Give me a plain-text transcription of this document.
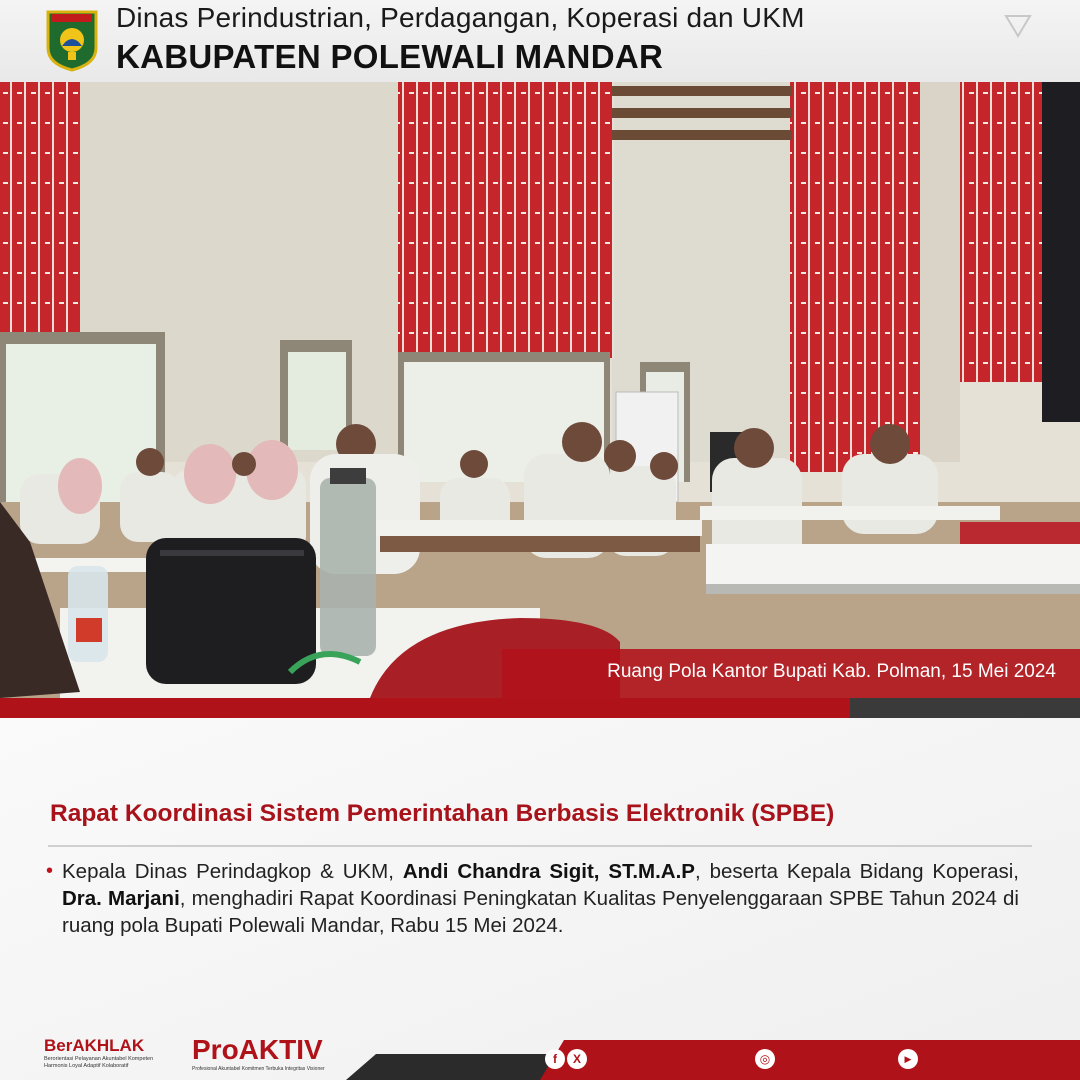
Dinas Perindustrian, Perdagangan, Koperasi dan UKM
KABUPATEN POLEWALI MANDAR
Ruang Pola Kantor Bupati Kab. Polman, 15 Mei 2024
Rapat Koordinasi Sistem Pemerintahan Berbasis Elektronik (SPBE)
• Kepala Dinas Perindagkop & UKM, Andi Chandra Sigit, ST.M.A.P, beserta Kepala Bidang Koperasi, Dra. Marjani, menghadiri Rapat Koordinasi Peningkatan Kualitas Penyelenggaraan SPBE Tahun 2024 di ruang pola Bupati Polewali Mandar, Rabu 15 Mei 2024.
BerAKHLAK
Berorientasi Pelayanan Akuntabel Kompeten
Harmonis Loyal Adaptif Kolaboratif
ProAKTIV
Profesional Akuntabel Komitmen Terbuka Integritas Visioner
f	X	◎	▶
